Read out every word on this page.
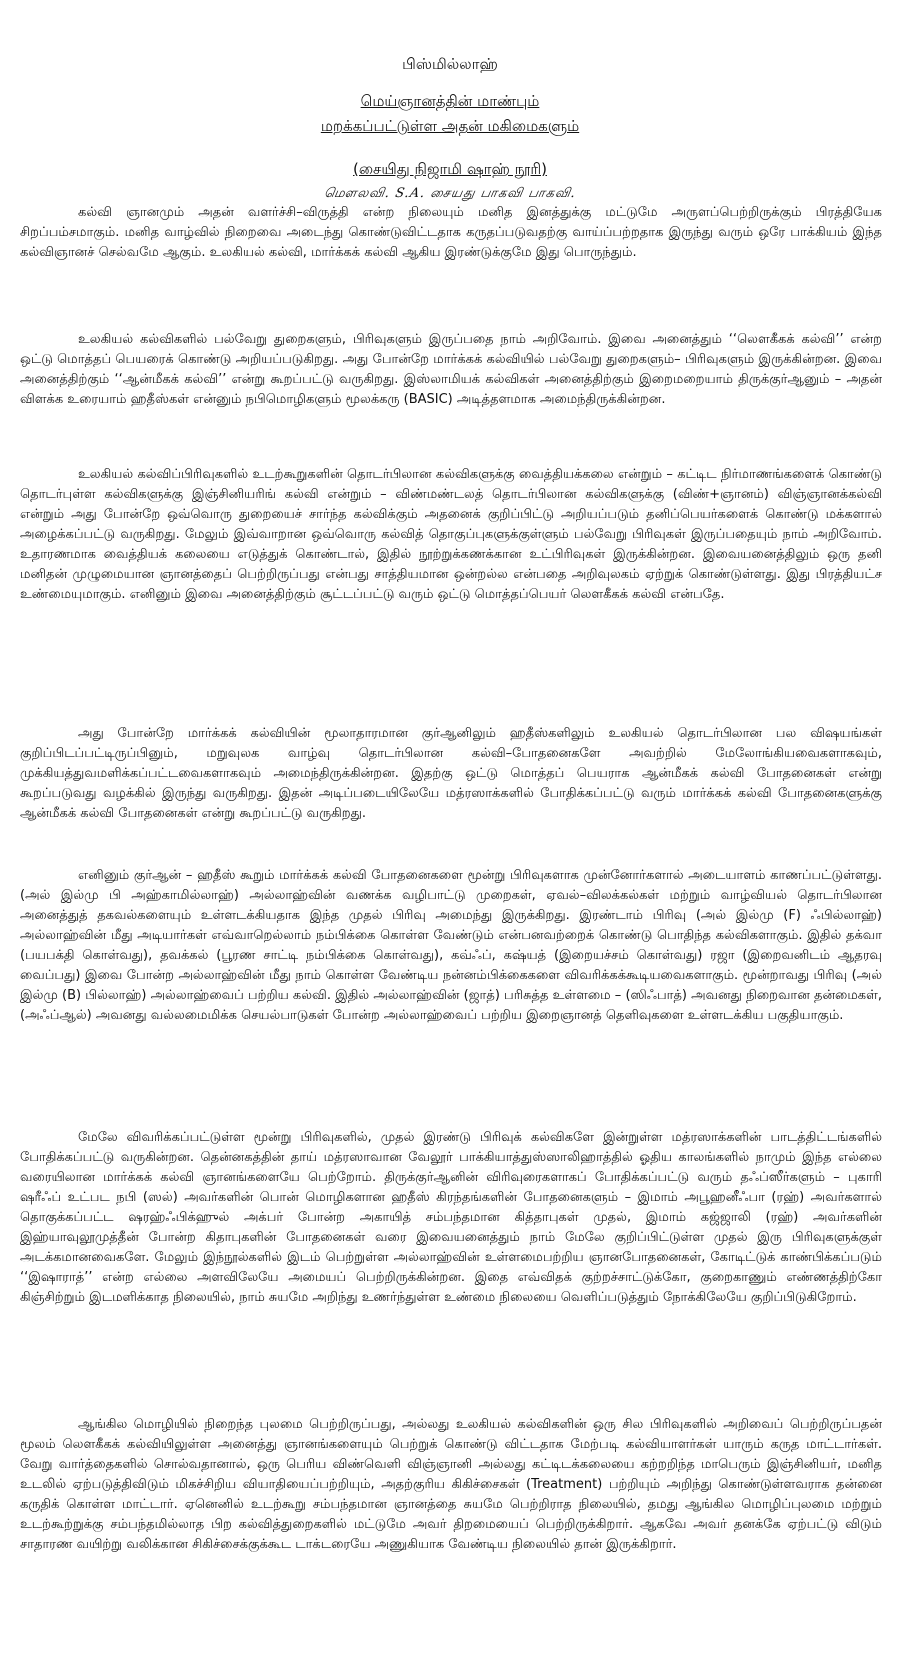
பிஸ்மில்லாஹ்
மெய்ஞானத்தின் மாண்பும்
மறக்கப்பட்டுள்ள அதன் மகிமைகளும்
(சையிது நிஜாமி ஷாஹ் நூரி)
மௌலவி. S.A. சையது பாகவி பாகவி.

கல்வி ஞானமும் அதன் வளர்ச்சி–விருத்தி என்ற நிலையும் மனித இனத்துக்கு மட்டுமே அருளப்பெற்றிருக்கும் பிரத்தியேக சிறப்பம்சமாகும். மனித வாழ்வில் நிறைவை அடைந்து கொண்டுவிட்டதாக கருதப்படுவதற்கு வாய்ப்பற்றதாக இருந்து வரும் ஒரே பாக்கியம் இந்த கல்விஞானச் செல்வமே ஆகும். உலகியல் கல்வி, மார்க்கக் கல்வி ஆகிய இரண்டுக்குமே இது பொருந்தும்.

உலகியல் கல்விகளில் பல்வேறு துறைகளும், பிரிவுகளும் இருப்பதை நாம் அறிவோம். இவை அனைத்தும் ‘‘லௌகீகக் கல்வி’’ என்ற ஒட்டு மொத்தப் பெயரைக் கொண்டு அறியப்படுகிறது. அது போன்றே மார்க்கக் கல்வியில் பல்வேறு துறைகளும்– பிரிவுகளும் இருக்கின்றன. இவை அனைத்திற்கும் ‘‘ஆன்மீகக் கல்வி’’ என்று கூறப்பட்டு வருகிறது. இஸ்லாமியக் கல்விகள் அனைத்திற்கும் இறைமறையாம் திருக்குர்ஆனும் – அதன் விளக்க உரையாம் ஹதீஸ்கள் என்னும் நபிமொழிகளும் மூலக்கரு (BASIC) அடித்தளமாக அமைந்திருக்கின்றன.

உலகியல் கல்விப்பிரிவுகளில் உடற்கூறுகளின் தொடர்பிலான கல்விகளுக்கு வைத்தியக்கலை என்றும் – கட்டிட நிர்மாணங்களைக் கொண்டு தொடர்புள்ள கல்விகளுக்கு இஞ்சினியரிங் கல்வி என்றும் – விண்மண்டலத் தொடர்பிலான கல்விகளுக்கு (விண்+ஞானம்) விஞ்ஞானக்கல்வி என்றும் அது போன்றே ஒவ்வொரு துறையைச் சார்ந்த கல்விக்கும் அதனைக் குறிப்பிட்டு அறியப்படும் தனிப்பெயர்களைக் கொண்டு மக்களால் அழைக்கப்பட்டு வருகிறது. மேலும் இவ்வாறான ஒவ்வொரு கல்வித் தொகுப்புகளுக்குள்ளும் பல்வேறு பிரிவுகள் இருப்பதையும் நாம் அறிவோம். உதாரணமாக வைத்தியக் கலையை எடுத்துக் கொண்டால், இதில் நூற்றுக்கணக்கான உட்பிரிவுகள் இருக்கின்றன. இவையனைத்திலும் ஒரு தனி மனிதன் முழுமையான ஞானத்தைப் பெற்றிருப்பது என்பது சாத்தியமான ஒன்றல்ல என்பதை அறிவுலகம் ஏற்றுக் கொண்டுள்ளது. இது பிரத்தியட்ச உண்மையுமாகும். எனினும் இவை அனைத்திற்கும் சூட்டப்பட்டு வரும் ஒட்டு மொத்தப்பெயர் லௌகீகக் கல்வி என்பதே.

அது போன்றே மார்க்கக் கல்வியின் மூலாதாரமான குர்ஆனிலும் ஹதீஸ்களிலும் உலகியல் தொடர்பிலான பல விஷயங்கள் குறிப்பிடப்பட்டிருப்பினும், மறுவுலக வாழ்வு தொடர்பிலான கல்வி–போதனைகளே அவற்றில் மேலோங்கியவைகளாகவும், முக்கியத்துவமளிக்கப்பட்டவைகளாகவும் அமைந்திருக்கின்றன. இதற்கு ஒட்டு மொத்தப் பெயராக ஆன்மீகக் கல்வி போதனைகள் என்று கூறப்படுவது வழக்கில் இருந்து வருகிறது. இதன் அடிப்படையிலேயே மத்ரஸாக்களில் போதிக்கப்பட்டு வரும் மார்க்கக் கல்வி போதனைகளுக்கு ஆன்மீகக் கல்வி போதனைகள் என்று கூறப்பட்டு வருகிறது.

எனினும் குர்ஆன் – ஹதீஸ் கூறும் மார்க்கக் கல்வி போதனைகளை மூன்று பிரிவுகளாக முன்னோர்களால் அடையாளம் காணப்பட்டுள்ளது. (அல் இல்மு பி அஹ்காமில்லாஹ்) அல்லாஹ்வின் வணக்க வழிபாட்டு முறைகள், ஏவல்–விலக்கல்கள் மற்றும் வாழ்வியல் தொடர்பிலான அனைத்துத் தகவல்களையும் உள்ளடக்கியதாக இந்த முதல் பிரிவு அமைந்து இருக்கிறது. இரண்டாம் பிரிவு (அல் இல்மு (F) ஃபில்லாஹ்) அல்லாஹ்வின் மீது அடியார்கள் எவ்வாறெல்லாம் நம்பிக்கை கொள்ள வேண்டும் என்பனவற்றைக் கொண்டு பொதிந்த கல்விகளாகும். இதில் தக்வா (பயபக்தி கொள்வது), தவக்கல் (பூரண சாட்டி நம்பிக்கை கொள்வது), கவ்ஃப், கஷ்யத் (இறையச்சம் கொள்வது) ரஜா (இறைவனிடம் ஆதரவு வைப்பது) இவை போன்ற அல்லாஹ்வின் மீது நாம் கொள்ள வேண்டிய நன்னம்பிக்கைகளை விவரிக்கக்கூடியவைகளாகும். மூன்றாவது பிரிவு (அல் இல்மு (B) பில்லாஹ்) அல்லாஹ்வைப் பற்றிய கல்வி. இதில் அல்லாஹ்வின் (ஜாத்) பரிசுத்த உள்ளமை – (ஸிஃபாத்) அவனது நிறைவான தன்மைகள், (அஃப்ஆல்) அவனது வல்லமைமிக்க செயல்பாடுகள் போன்ற அல்லாஹ்வைப் பற்றிய இறைஞானத் தெளிவுகளை உள்ளடக்கிய பகுதியாகும்.

மேலே விவரிக்கப்பட்டுள்ள மூன்று பிரிவுகளில், முதல் இரண்டு பிரிவுக் கல்விகளே இன்றுள்ள மத்ரஸாக்களின் பாடத்திட்டங்களில் போதிக்கப்பட்டு வருகின்றன. தென்னகத்தின் தாய் மத்ரஸாவான வேலூர் பாக்கியாத்துஸ்ஸாலிஹாத்தில் ஓதிய காலங்களில் நாமும் இந்த எல்லை வரையிலான மார்க்கக் கல்வி ஞானங்களையே பெற்றோம். திருக்குர்ஆனின் விரிவுரைகளாகப் போதிக்கப்பட்டு வரும் தஃப்ஸீர்களும் – புகாரி ஷரீஃப் உட்பட நபி (ஸல்) அவர்களின் பொன் மொழிகளான ஹதீஸ் கிரந்தங்களின் போதனைகளும் – இமாம் அபூஹனீஃபா (ரஹ்) அவர்களால் தொகுக்கப்பட்ட ஷரஹ்ஃபிக்ஹுல் அக்பர் போன்ற அகாயித் சம்பந்தமான கித்தாபுகள் முதல், இமாம் கஜ்ஜாலி (ரஹ்) அவர்களின் இஹ்யாவுலூமுத்தீன் போன்ற கிதாபுகளின் போதனைகள் வரை இவையனைத்தும் நாம் மேலே குறிப்பிட்டுள்ள முதல் இரு பிரிவுகளுக்குள் அடக்கமானவைகளே. மேலும் இந்நூல்களில் இடம் பெற்றுள்ள அல்லாஹ்வின் உள்ளமைபற்றிய ஞானபோதனைகள், கோடிட்டுக் காண்பிக்கப்படும் ‘‘இஷாராத்’’ என்ற எல்லை அளவிலேயே அமையப் பெற்றிருக்கின்றன. இதை எவ்விதக் குற்றச்சாட்டுக்கோ, குறைகாணும் எண்ணத்திற்கோ கிஞ்சிற்றும் இடமளிக்காத நிலையில், நாம் சுயமே அறிந்து உணர்ந்துள்ள உண்மை நிலையை வெளிப்படுத்தும் நோக்கிலேயே குறிப்பிடுகிறோம்.

ஆங்கில மொழியில் நிறைந்த புலமை பெற்றிருப்பது, அல்லது உலகியல் கல்விகளின் ஒரு சில பிரிவுகளில் அறிவைப் பெற்றிருப்பதன் மூலம் லௌகீகக் கல்வியிலுள்ள அனைத்து ஞானங்களையும் பெற்றுக் கொண்டு விட்டதாக மேற்படி கல்வியாளர்கள் யாரும் கருத மாட்டார்கள். வேறு வார்த்தைகளில் சொல்வதானால், ஒரு பெரிய விண்வெளி விஞ்ஞானி அல்லது கட்டிடக்கலையை கற்றறிந்த மாபெரும் இஞ்சினியர், மனித உடலில் ஏற்படுத்திவிடும் மிகச்சிறிய வியாதியைப்பற்றியும், அதற்குரிய கிகிச்சைகள் (Treatment) பற்றியும் அறிந்து கொண்டுள்ளவராக தன்னை கருதிக் கொள்ள மாட்டார். ஏனெனில் உடற்கூறு சம்பந்தமான ஞானத்தை சுயமே பெற்றிராத நிலையில், தமது ஆங்கில மொழிப்புலமை மற்றும் உடற்கூற்றுக்கு சம்பந்தமில்லாத பிற கல்வித்துறைகளில் மட்டுமே அவர் திறமையைப் பெற்றிருக்கிறார். ஆகவே அவர் தனக்கே ஏற்பட்டு விடும் சாதாரண வயிற்று வலிக்கான சிகிச்சைக்குக்கூட டாக்டரையே அணுகியாக வேண்டிய நிலையில் தான் இருக்கிறார்.
